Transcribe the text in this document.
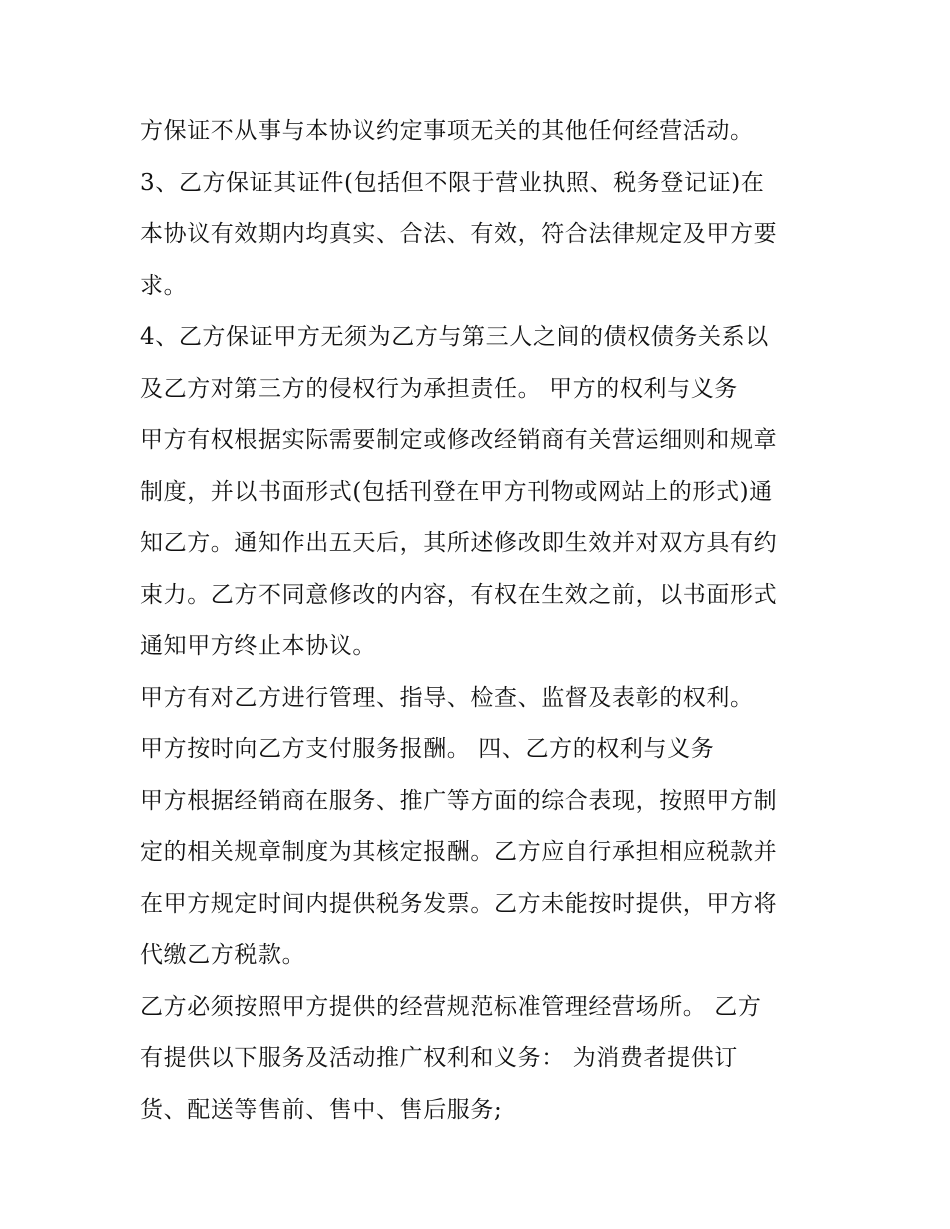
方保证不从事与本协议约定事项无关的其他任何经营活动。
3、乙方保证其证件(包括但不限于营业执照、税务登记证)在
本协议有效期内均真实、合法、有效，符合法律规定及甲方要
求。
4、乙方保证甲方无须为乙方与第三人之间的债权债务关系以
及乙方对第三方的侵权行为承担责任。 甲方的权利与义务
甲方有权根据实际需要制定或修改经销商有关营运细则和规章
制度，并以书面形式(包括刊登在甲方刊物或网站上的形式)通
知乙方。通知作出五天后，其所述修改即生效并对双方具有约
束力。乙方不同意修改的内容，有权在生效之前，以书面形式
通知甲方终止本协议。
甲方有对乙方进行管理、指导、检查、监督及表彰的权利。
甲方按时向乙方支付服务报酬。 四、乙方的权利与义务
甲方根据经销商在服务、推广等方面的综合表现，按照甲方制
定的相关规章制度为其核定报酬。乙方应自行承担相应税款并
在甲方规定时间内提供税务发票。乙方未能按时提供，甲方将
代缴乙方税款。
乙方必须按照甲方提供的经营规范标准管理经营场所。 乙方
有提供以下服务及活动推广权利和义务： 为消费者提供订
货、配送等售前、售中、售后服务;
